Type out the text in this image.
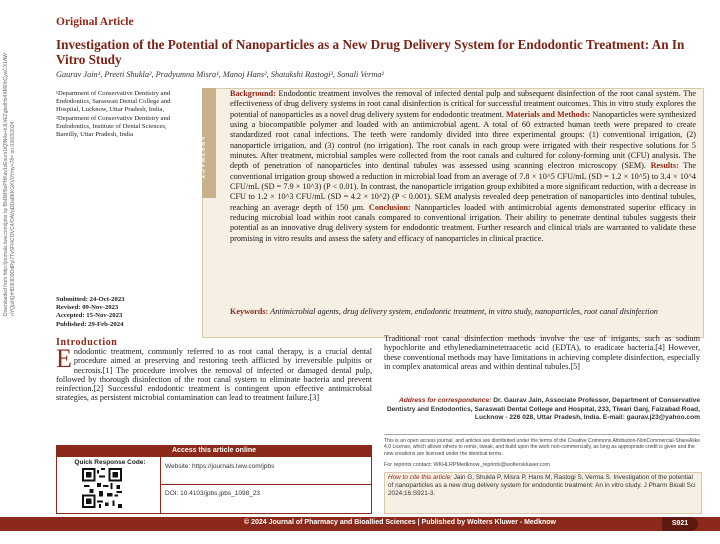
Original Article
Investigation of the Potential of Nanoparticles as a New Drug Delivery System for Endodontic Treatment: An In Vitro Study
Gaurav Jain¹, Preeti Shukla², Pradyumna Misra¹, Manoj Hans², Shatakshi Rastogi³, Sonali Verma¹
Downloaded from http://journals.lww.com/jpbs by BhDMf5ePHKav1zEoum1tQfN4a+kJLhEZgbsIHo4XMi0hCywCX1AW nYQp/IlQrHD3i3D0OdRyi7TvSFl4Cf3VC4/OAVpDDa8KKGKV0Ymy+78= on 03/03/2024
¹Department of Conservative Dentistry and Endodontics, Saraswati Dental College and Hospital, Lucknow, Uttar Pradesh, India,
²Department of Conservative Dentistry and Endodontics, Institute of Dental Sciences, Bareilly, Uttar Pradesh, India
Submitted: 24-Oct-2023
Revised: 09-Nov-2023
Accepted: 15-Nov-2023
Published: 29-Feb-2024
ABSTRACT
Background: Endodontic treatment involves the removal of infected dental pulp and subsequent disinfection of the root canal system. The effectiveness of drug delivery systems in root canal disinfection is critical for successful treatment outcomes. This in vitro study explores the potential of nanoparticles as a novel drug delivery system for endodontic treatment. Materials and Methods: Nanoparticles were synthesized using a biocompatible polymer and loaded with an antimicrobial agent. A total of 60 extracted human teeth were prepared to create standardized root canal infections. The teeth were randomly divided into three experimental groups: (1) conventional irrigation, (2) nanoparticle irrigation, and (3) control (no irrigation). The root canals in each group were irrigated with their respective solutions for 5 minutes. After treatment, microbial samples were collected from the root canals and cultured for colony-forming unit (CFU) analysis. The depth of penetration of nanoparticles into dentinal tubules was assessed using scanning electron microscopy (SEM). Results: The conventional irrigation group showed a reduction in microbial load from an average of 7.8 × 10^5 CFU/mL (SD = 1.2 × 10^5) to 3.4 × 10^4 CFU/mL (SD = 7.9 × 10^3) (P < 0.01). In contrast, the nanoparticle irrigation group exhibited a more significant reduction, with a decrease in CFU to 1.2 × 10^3 CFU/mL (SD = 4.2 × 10^2) (P < 0.001). SEM analysis revealed deep penetration of nanoparticles into dentinal tubules, reaching an average depth of 150 μm. Conclusion: Nanoparticles loaded with antimicrobial agents demonstrated superior efficacy in reducing microbial load within root canals compared to conventional irrigation. Their ability to penetrate dentinal tubules suggests their potential as an innovative drug delivery system for endodontic treatment. Further research and clinical trials are warranted to validate these promising in vitro results and assess the safety and efficacy of nanoparticles in clinical practice.
Keywords: Antimicrobial agents, drug delivery system, endodontic treatment, in vitro study, nanoparticles, root canal disinfection
Introduction
Endodontic treatment, commonly referred to as root canal therapy, is a crucial dental procedure aimed at preserving and restoring teeth afflicted by irreversible pulpitis or necrosis.[1] The procedure involves the removal of infected or damaged dental pulp, followed by thorough disinfection of the root canal system to eliminate bacteria and prevent reinfection.[2] Successful endodontic treatment is contingent upon effective antimicrobial strategies, as persistent microbial contamination can lead to treatment failure.[3]
Traditional root canal disinfection methods involve the use of irrigants, such as sodium hypochlorite and ethylenediaminetetraacetic acid (EDTA), to eradicate bacteria.[4] However, these conventional methods may have limitations in achieving complete disinfection, especially in complex anatomical areas and within dentinal tubules.[5]
Address for correspondence: Dr. Gaurav Jain, Associate Professor, Department of Conservative Dentistry and Endodontics, Saraswati Dental College and Hospital, 233, Tiwari Ganj, Faizabad Road, Lucknow - 226 028, Uttar Pradesh, India. E-mail: gaurav.j23@yahoo.com
This is an open access journal, and articles are distributed under the terms of the Creative Commons Attribution-NonCommercial-ShareAlike 4.0 License, which allows others to remix, tweak, and build upon the work non-commercially, as long as appropriate credit is given and the new creations are licensed under the identical terms.
For reprints contact: WKHLRPMedknow_reprints@wolterskluwer.com
How to cite this article: Jain G, Shukla P, Misra P, Hans M, Rastogi S, Verma S. Investigation of the potential of nanoparticles as a new drug delivery system for endodontic treatment: An in vitro study. J Pharm Bioall Sci 2024;16:S921-3.
Access this article online
Quick Response Code:
Website: https://journals.lww.com/jpbs
DOI: 10.4103/jpbs.jpbs_1098_23
© 2024 Journal of Pharmacy and Bioallied Sciences | Published by Wolters Kluwer - Medknow	S921
